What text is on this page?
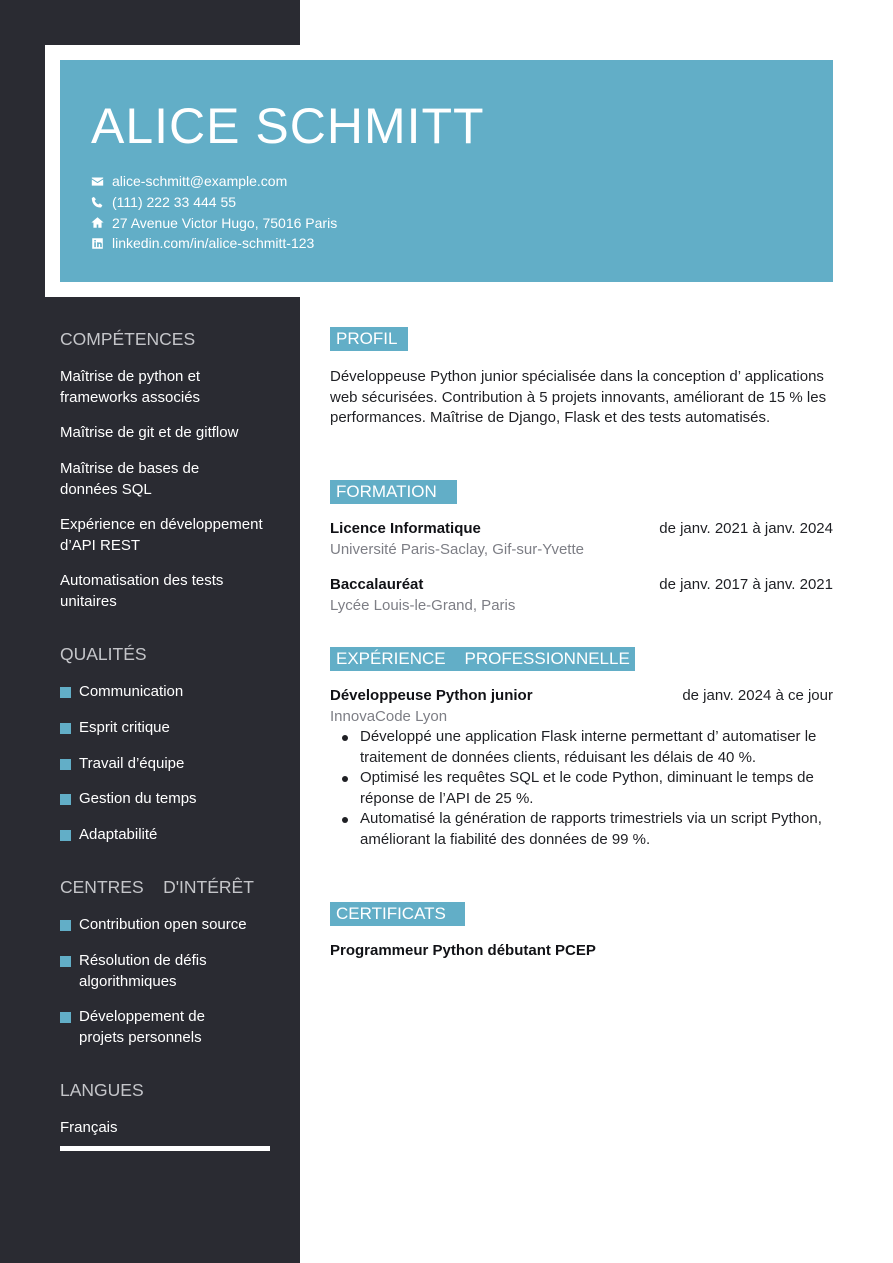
ALICE SCHMITT
alice-schmitt@example.com
(111) 222 33 444 55
27 Avenue Victor Hugo, 75016 Paris
linkedin.com/in/alice-schmitt-123
COMPÉTENCES
Maîtrise de python et frameworks associés
Maîtrise de git et de gitflow
Maîtrise de bases de données SQL
Expérience en développement d’API REST
Automatisation des tests unitaires
QUALITÉS
Communication
Esprit critique
Travail d’équipe
Gestion du temps
Adaptabilité
CENTRES    D'INTÉRÊT
Contribution open source
Résolution de défis algorithmiques
Développement de projets personnels
LANGUES
Français
PROFIL
Développeuse Python junior spécialisée dans la conception d’ applications web sécurisées. Contribution à 5 projets innovants, améliorant de 15 % les performances. Maîtrise de Django, Flask et des tests automatisés.
FORMATION
Licence Informatique	de janv. 2021 à janv. 2024
Université Paris-Saclay, Gif-sur-Yvette
Baccalauréat	de janv. 2017 à janv. 2021
Lycée Louis-le-Grand, Paris
EXPÉRIENCE    PROFESSIONNELLE
Développeuse Python junior	de janv. 2024 à ce jour
InnovaCode Lyon
Développé une application Flask interne permettant d’ automatiser le traitement de données clients, réduisant les délais de 40 %.
Optimisé les requêtes SQL et le code Python, diminuant le temps de réponse de l’API de 25 %.
Automatisé la génération de rapports trimestriels via un script Python, améliorant la fiabilité des données de 99 %.
CERTIFICATS
Programmeur Python débutant PCEP
